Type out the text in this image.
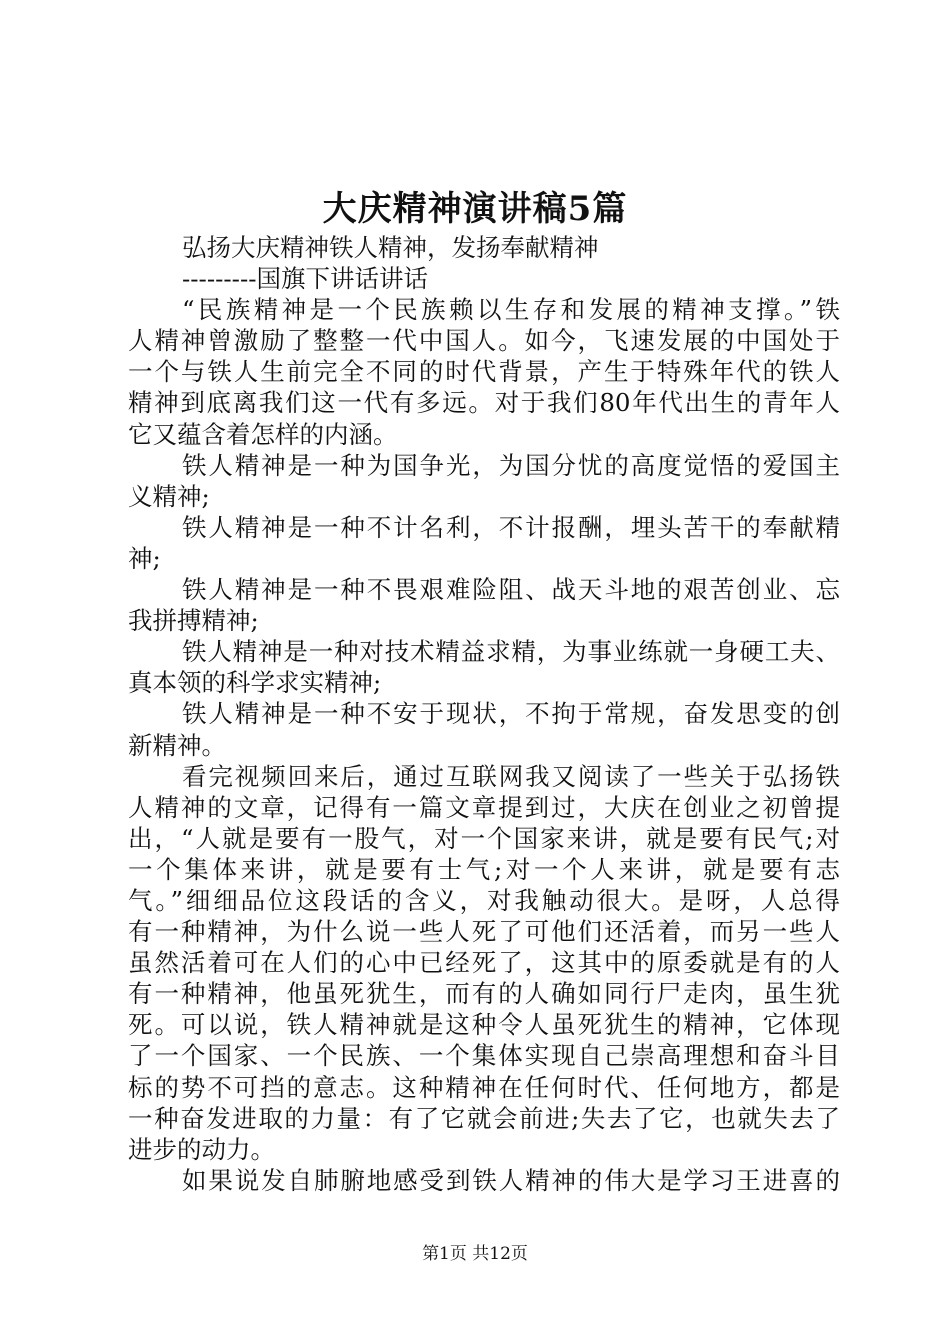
大庆精神演讲稿5篇
弘扬大庆精神铁人精神，发扬奉献精神
---------国旗下讲话讲话
“民族精神是一个民族赖以生存和发展的精神支撑。”铁
人精神曾激励了整整一代中国人。如今，飞速发展的中国处于
一个与铁人生前完全不同的时代背景，产生于特殊年代的铁人
精神到底离我们这一代有多远。对于我们80年代出生的青年人
它又蕴含着怎样的内涵。
铁人精神是一种为国争光，为国分忧的高度觉悟的爱国主
义精神;
铁人精神是一种不计名利，不计报酬，埋头苦干的奉献精
神;
铁人精神是一种不畏艰难险阻、战天斗地的艰苦创业、忘
我拼搏精神;
铁人精神是一种对技术精益求精，为事业练就一身硬工夫、
真本领的科学求实精神;
铁人精神是一种不安于现状，不拘于常规，奋发思变的创
新精神。
看完视频回来后，通过互联网我又阅读了一些关于弘扬铁
人精神的文章，记得有一篇文章提到过，大庆在创业之初曾提
出，“人就是要有一股气，对一个国家来讲，就是要有民气;对
一个集体来讲，就是要有士气;对一个人来讲，就是要有志
气。”细细品位这段话的含义，对我触动很大。是呀，人总得
有一种精神，为什么说一些人死了可他们还活着，而另一些人
虽然活着可在人们的心中已经死了，这其中的原委就是有的人
有一种精神，他虽死犹生，而有的人确如同行尸走肉，虽生犹
死。可以说，铁人精神就是这种令人虽死犹生的精神，它体现
了一个国家、一个民族、一个集体实现自己崇高理想和奋斗目
标的势不可挡的意志。这种精神在任何时代、任何地方，都是
一种奋发进取的力量：有了它就会前进;失去了它，也就失去了
进步的动力。
如果说发自肺腑地感受到铁人精神的伟大是学习王进喜的
第1页 共12页
